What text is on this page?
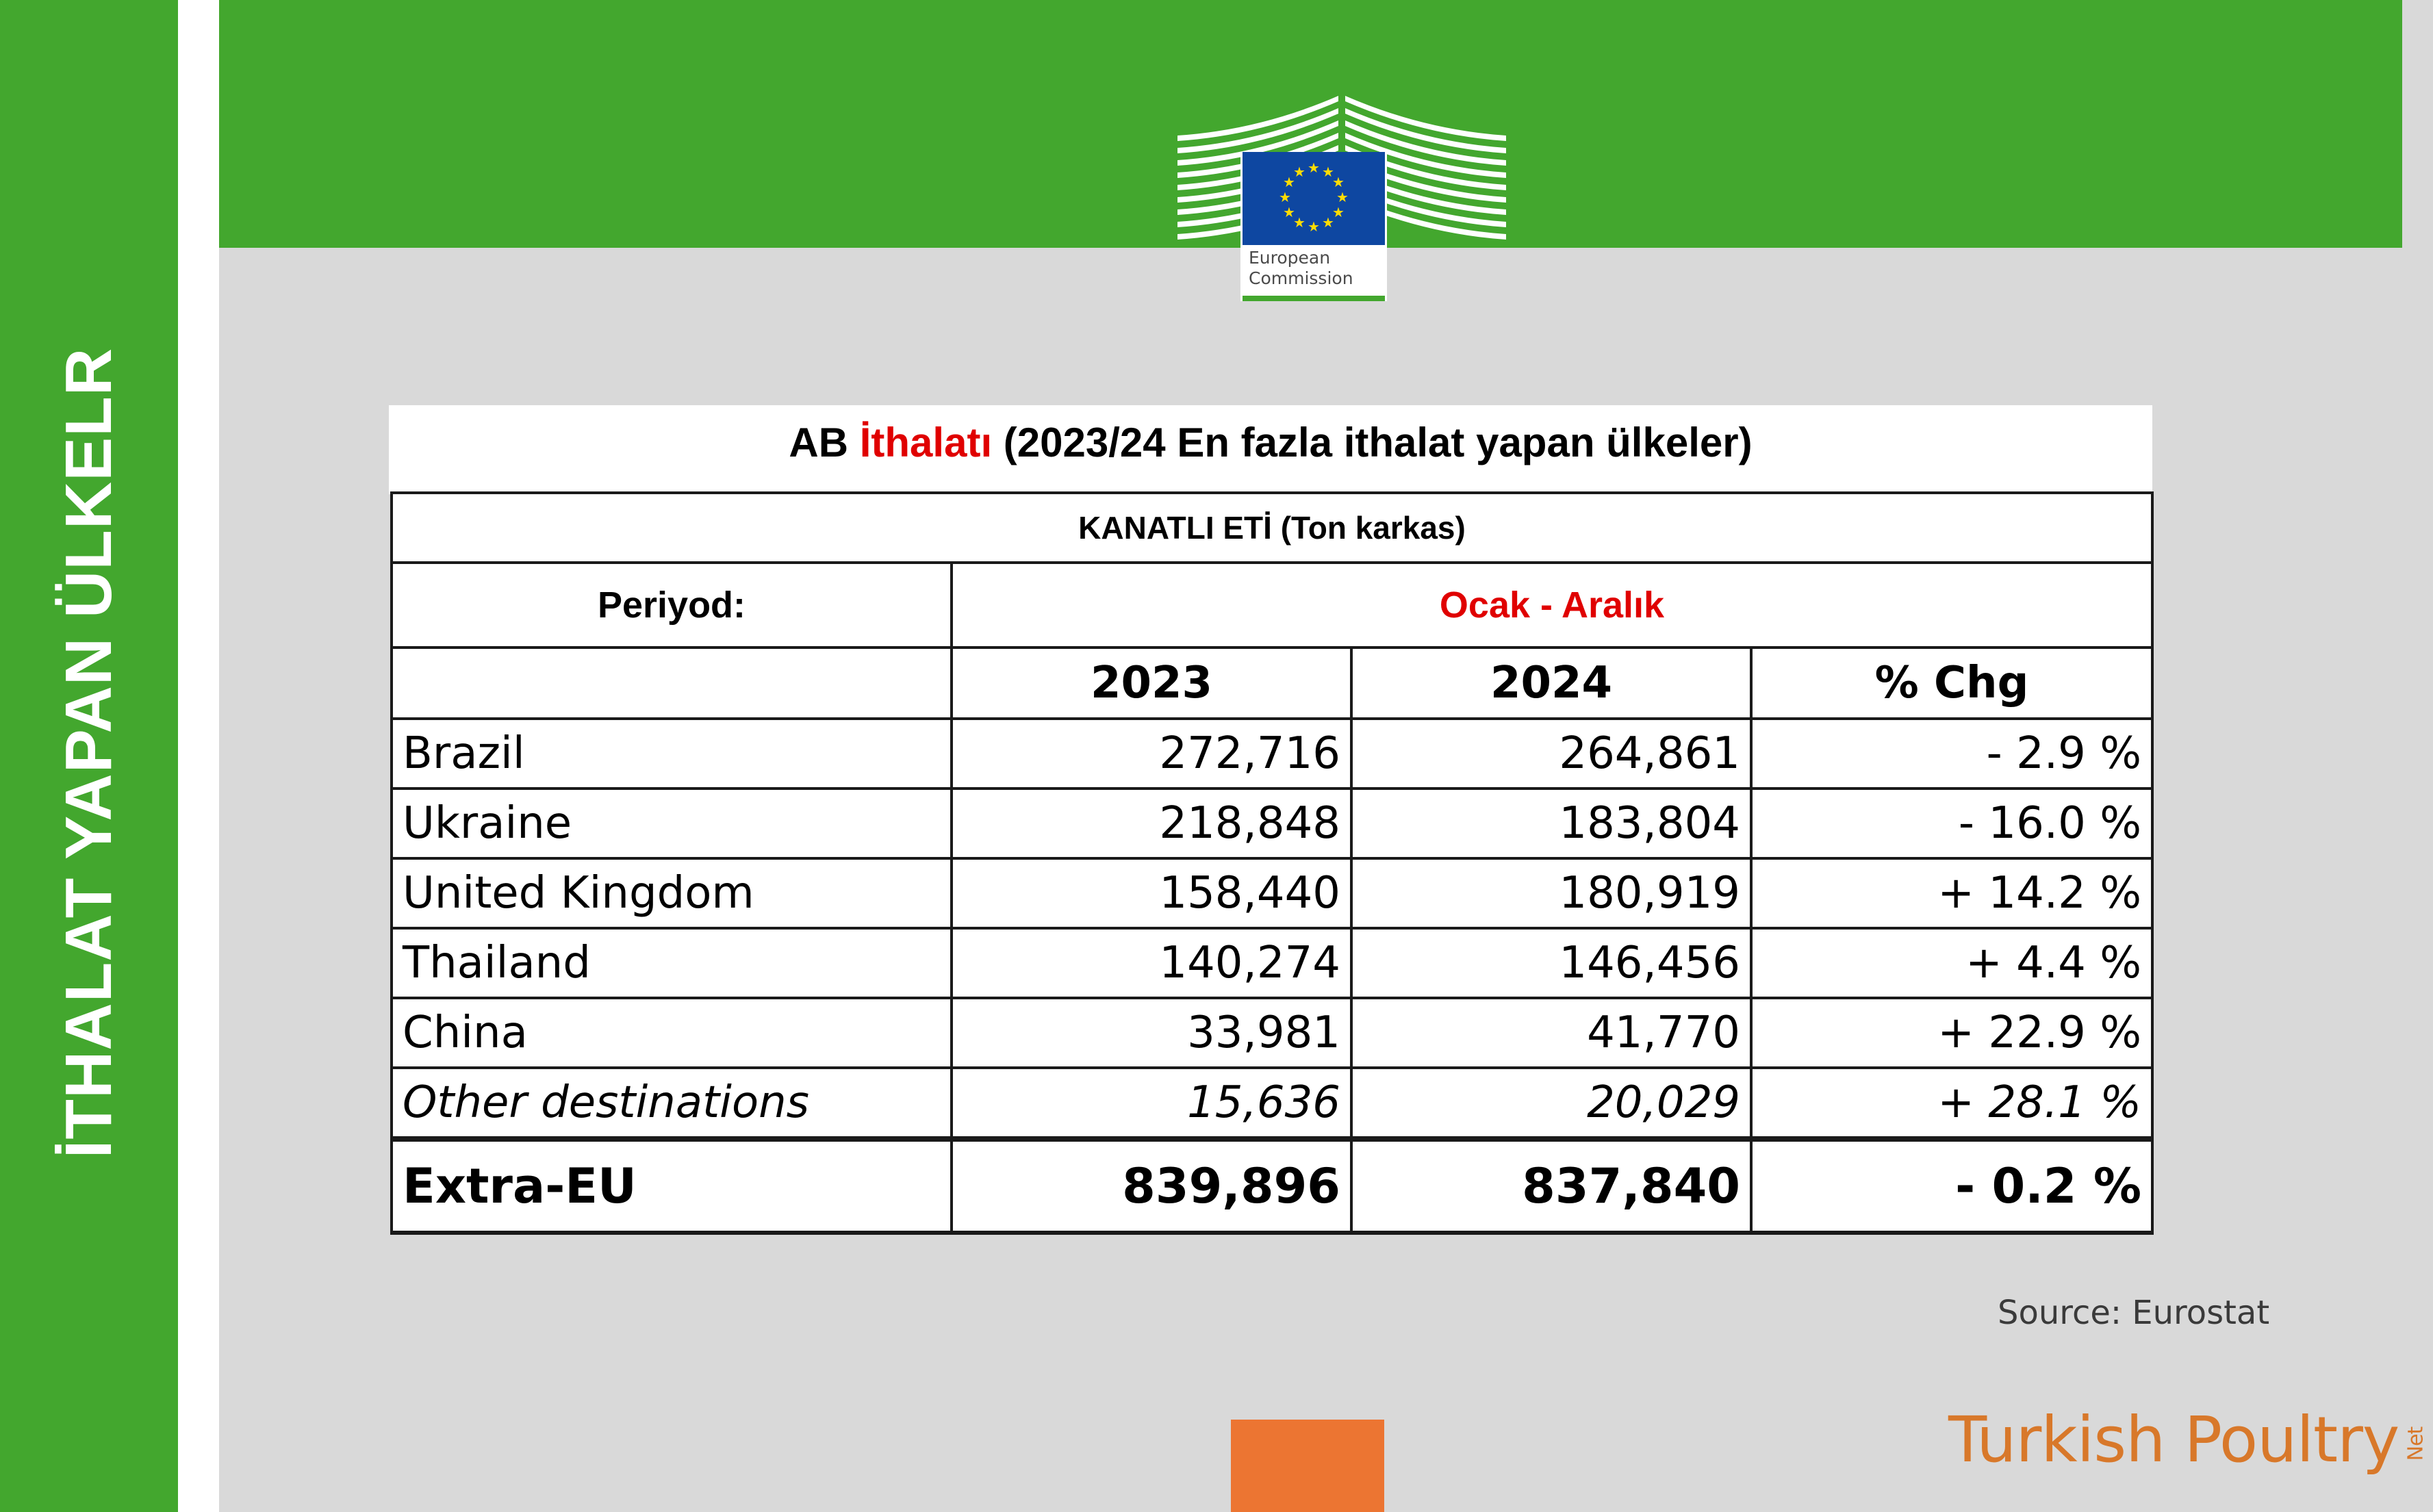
İTHALAT YAPAN ÜLKELR
★ ★
★
★
★
★
★
★
★
★
★
★
European
Commission
AB İthalatı (2023/24 En fazla ithalat yapan ülkeler)
KANATLI ETİ (Ton karkas)			
Periyod:	Ocak - Aralık		
	2023	2024	% Chg
Brazil	272,716	264,861	- 2.9 %
Ukraine	218,848	183,804	- 16.0 %
United Kingdom	158,440	180,919	+ 14.2 %
Thailand	140,274	146,456	+ 4.4 %
China	33,981	41,770	+ 22.9 %
Other destinations	15,636	20,029	+ 28.1 %
Extra-EU	839,896	837,840	- 0.2 %
Source: Eurostat
Turkish Poultry Net
